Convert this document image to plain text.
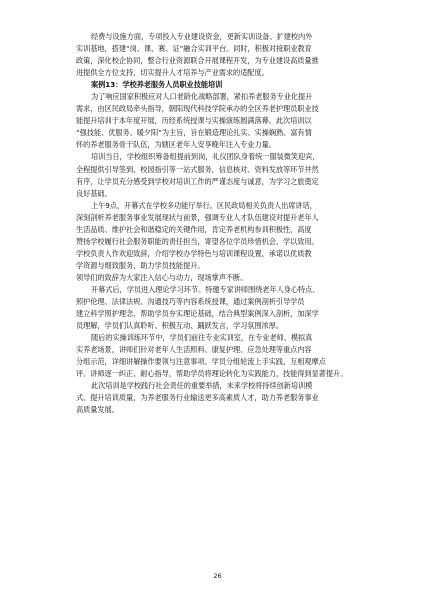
经费与设施方面，专项投入专业建设资金，更新实训设备、扩建校内外
实训基地，搭建“岗、课、赛、证”融合实训平台。同时，积极对接职业教育
政策，深化校企协同，整合行业资源联合开展课程开发，为专业建设高质量推
进提供全方位支持，切实提升人才培养与产业需求的适配度。
案例13：学校养老服务人员职业技能培训
为了响应国家积极应对人口老龄化战略部署，紧扣养老服务专业化提升
需求，由区民政局牵头指导，朝阳现代科技学院承办的全区养老护理员职业技
能提升培训于本年度开展，历经系统授课与实操演练圆满落幕。此次培训以
“强技能、优服务、暖夕阳”为主旨，旨在锻造理论扎实、实操娴熟、富有情
怀的养老服务骨干队伍，为辖区老年人安享晚年注入专业力量。
培训当日，学校组织筹备组提前到岗，礼仪团队身着统一服装微笑迎宾，
全程提供引导签到、校园指引等一站式服务，信息核对、资料发放等环节井然
有序，让学员充分感受到学校对培训工作的严谨态度与诚意，为学习之旅奠定
良好基础。
上午9点，开幕式在学校多功能厅举行。区民政局相关负责人出席讲话，
深刻剖析养老服务事业发展现状与前景，强调专业人才队伍建设对提升老年人
生活品质、维护社会和谐稳定的关键作用，肯定养老机构参训积极性，高度
赞扬学校履行社会服务职能的责任担当，寄望各位学员珍惜机会、学以致用。
学校负责人作欢迎致辞，介绍学校办学特色与培训课程设置，承诺以优质教
学资源与细致服务，助力学员技能提升。
领导们的致辞为大家注入信心与动力，现场掌声不断。
开幕式后，学员进入理论学习环节。特邀专家讲师围绕老年人身心特点、
照护伦理、法律法规、沟通技巧等内容系统授课，通过案例剖析引导学员
建立科学照护理念，帮助学员夯实理论基础，结合典型案例深入剖析，加深学
员理解，学员们认真聆听、积极互动、踊跃发言，学习氛围浓厚。
随后的实操训练环节中，学员们前往专业实训室，在专业老师、模拟真
实养老场景，讲师们针对老年人生活照料、康复护理、应急处理等重点内容
分组示范，详细讲解操作要领与注意事项。学员分组轮流上手实践，互相观摩点
评。讲师逐一纠正、耐心指导，帮助学员将理论转化为实践能力，技能得到显著提升。
此次培训是学校践行社会责任的重要举措，未来学校将持续创新培训模
式、提升培训质量，为养老服务行业输送更多高素质人才，助力养老服务事业
高质量发展。
26
